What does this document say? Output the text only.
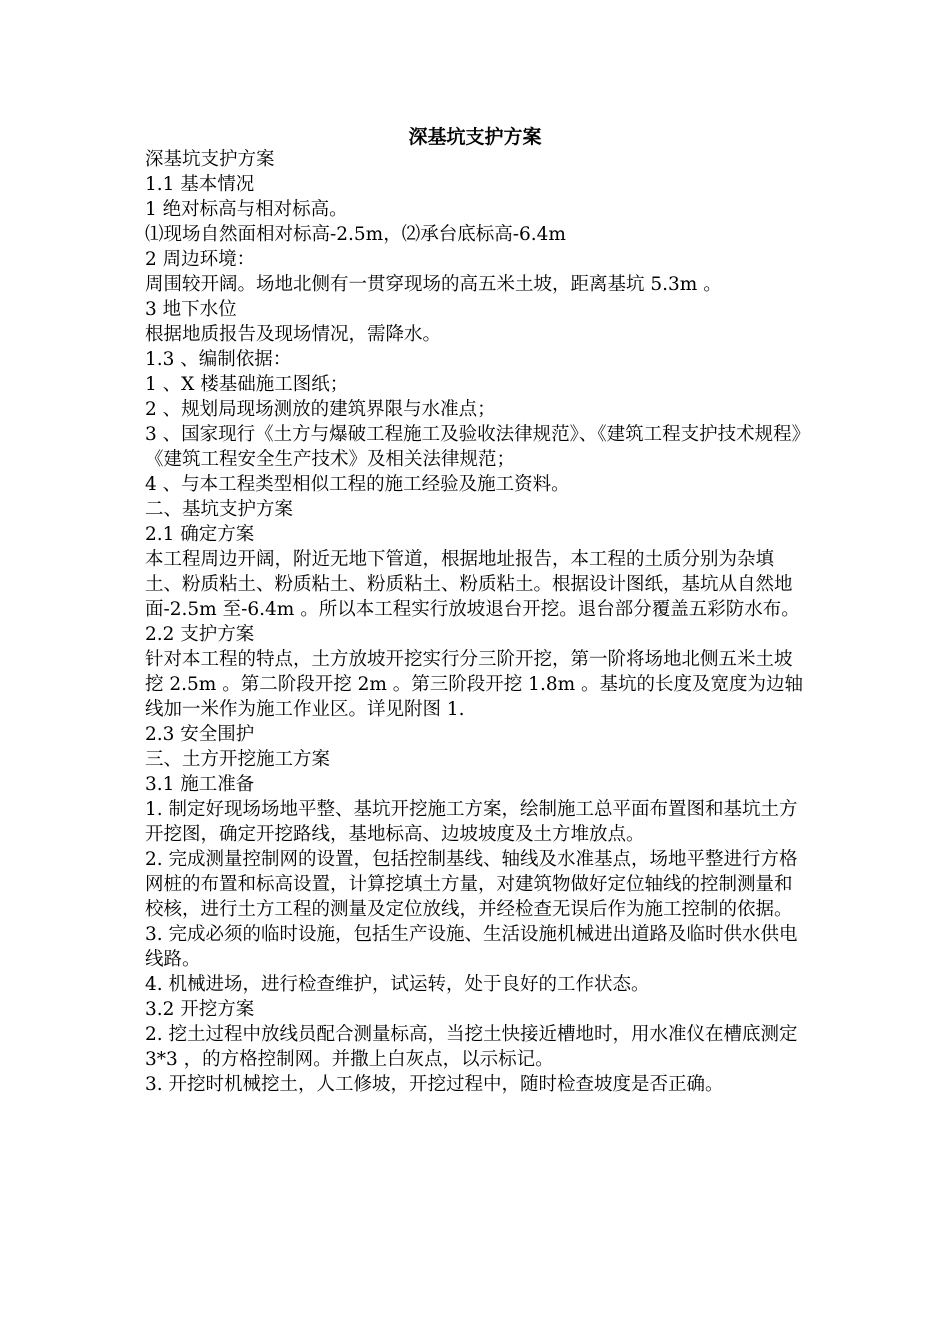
深基坑支护方案

深基坑支护方案

1.1 基本情况

1 绝对标高与相对标高。

⑴现场自然面相对标高-2.5m，⑵承台底标高-6.4m

2 周边环境：

周围较开阔。场地北侧有一贯穿现场的高五米土坡，距离基坑 5.3m 。

3 地下水位

根据地质报告及现场情况，需降水。

1.3 、编制依据：

1 、X 楼基础施工图纸；

2 、规划局现场测放的建筑界限与水准点；

3 、国家现行《土方与爆破工程施工及验收法律规范》、《建筑工程支护技术规程》《建筑工程安全生产技术》及相关法律规范；

4 、与本工程类型相似工程的施工经验及施工资料。

二、基坑支护方案

2.1 确定方案

本工程周边开阔，附近无地下管道，根据地址报告，本工程的土质分别为杂填土、粉质粘土、粉质粘土、粉质粘土、粉质粘土。根据设计图纸，基坑从自然地面-2.5m 至-6.4m 。所以本工程实行放坡退台开挖。退台部分覆盖五彩防水布。

2.2 支护方案

针对本工程的特点，土方放坡开挖实行分三阶开挖，第一阶将场地北侧五米土坡挖 2.5m 。第二阶段开挖 2m 。第三阶段开挖 1.8m 。基坑的长度及宽度为边轴线加一米作为施工作业区。详见附图 1.

2.3 安全围护

三、土方开挖施工方案

3.1 施工准备

1. 制定好现场场地平整、基坑开挖施工方案，绘制施工总平面布置图和基坑土方开挖图，确定开挖路线，基地标高、边坡坡度及土方堆放点。

2. 完成测量控制网的设置，包括控制基线、轴线及水准基点，场地平整进行方格网桩的布置和标高设置，计算挖填土方量，对建筑物做好定位轴线的控制测量和校核，进行土方工程的测量及定位放线，并经检查无误后作为施工控制的依据。

3. 完成必须的临时设施，包括生产设施、生活设施机械进出道路及临时供水供电线路。

4. 机械进场，进行检查维护，试运转，处于良好的工作状态。

3.2 开挖方案

2. 挖土过程中放线员配合测量标高，当挖土快接近槽地时，用水准仪在槽底测定 3*3 ，的方格控制网。并撒上白灰点，以示标记。

3. 开挖时机械挖土，人工修坡，开挖过程中，随时检查坡度是否正确。
